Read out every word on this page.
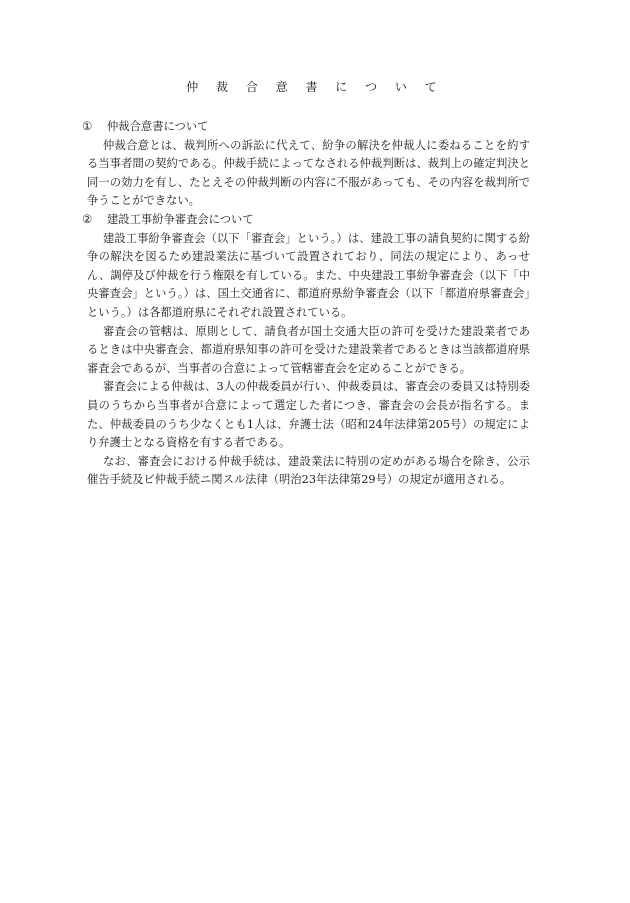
仲 裁 合 意 書 に つ い て
①	仲裁合意書について

仲裁合意とは、裁判所への訴訟に代えて、紛争の解決を仲裁人に委ねることを約する当事者間の契約である。仲裁手続によってなされる仲裁判断は、裁判上の確定判決と同一の効力を有し、たとえその仲裁判断の内容に不服があっても、その内容を裁判所で争うことができない。

②	建設工事紛争審査会について

建設工事紛争審査会（以下「審査会」という。）は、建設工事の請負契約に関する紛争の解決を図るため建設業法に基づいて設置されており、同法の規定により、あっせん、調停及び仲裁を行う権限を有している。また、中央建設工事紛争審査会（以下「中央審査会」という。）は、国土交通省に、都道府県紛争審査会（以下「都道府県審査会」という。）は各都道府県にそれぞれ設置されている。

審査会の管轄は、原則として、請負者が国土交通大臣の許可を受けた建設業者であるときは中央審査会、都道府県知事の許可を受けた建設業者であるときは当該都道府県審査会であるが、当事者の合意によって管轄審査会を定めることができる。

審査会による仲裁は、3人の仲裁委員が行い、仲裁委員は、審査会の委員又は特別委員のうちから当事者が合意によって選定した者につき、審査会の会長が指名する。また、仲裁委員のうち少なくとも1人は、弁護士法（昭和24年法律第205号）の規定により弁護士となる資格を有する者である。

なお、審査会における仲裁手続は、建設業法に特別の定めがある場合を除き、公示催告手続及ビ仲裁手続ニ関スル法律（明治23年法律第29号）の規定が適用される。
